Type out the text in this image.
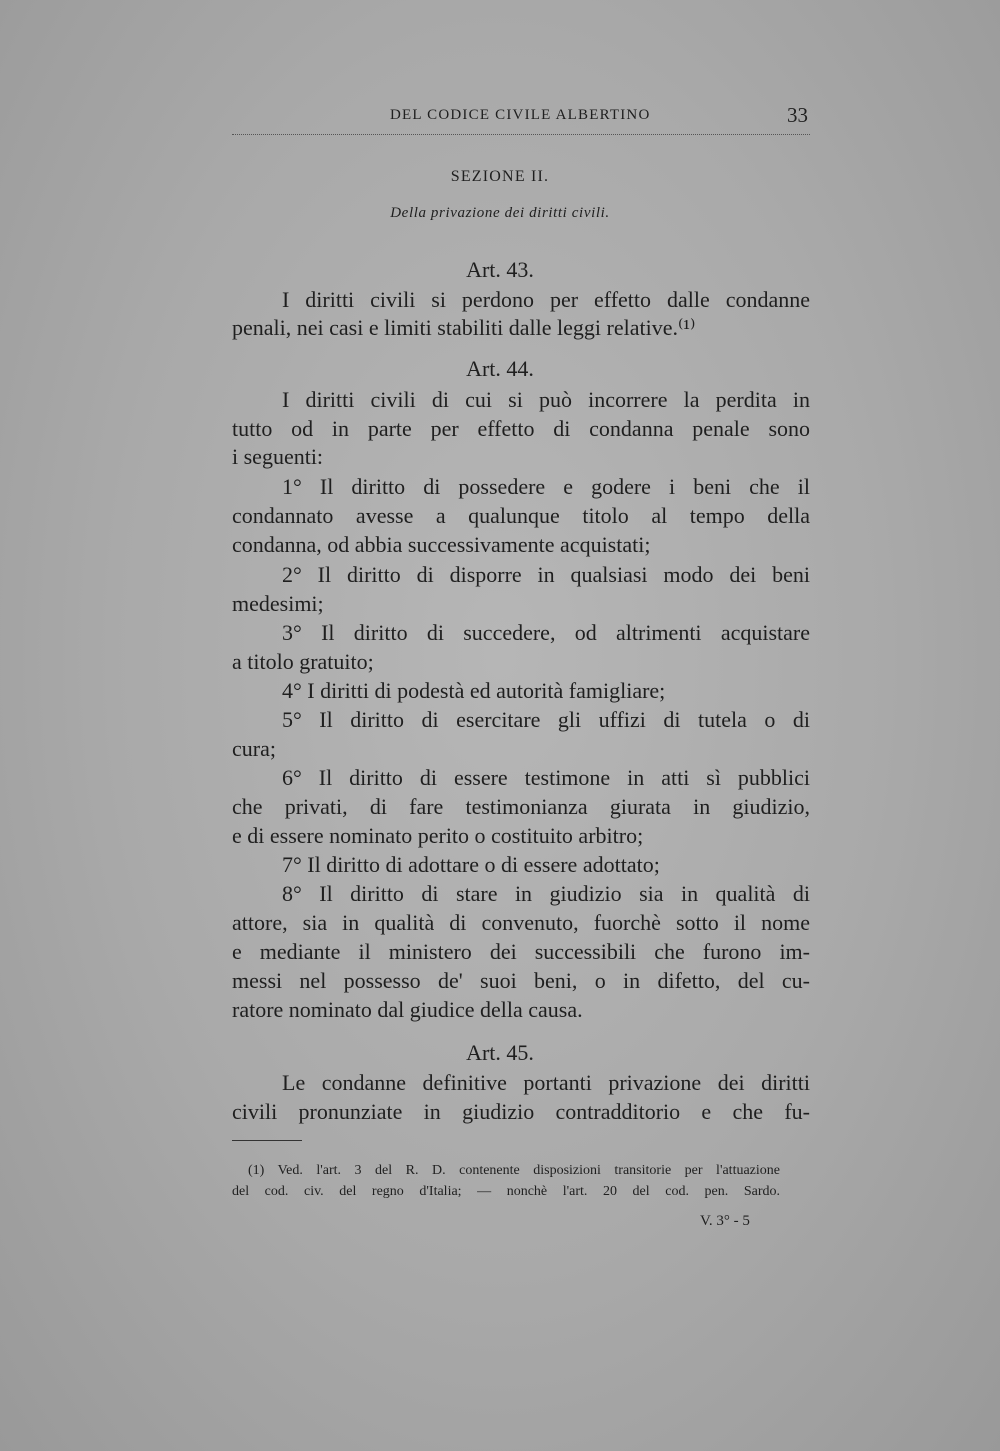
DEL CODICE CIVILE ALBERTINO	33
SEZIONE II.
Della privazione dei diritti civili.
Art. 43.
I diritti civili si perdono per effetto dalle condanne
penali, nei casi e limiti stabiliti dalle leggi relative.⁽¹⁾
Art. 44.
I diritti civili di cui si può incorrere la perdita in
tutto od in parte per effetto di condanna penale sono
i seguenti:
1° Il diritto di possedere e godere i beni che il
condannato avesse a qualunque titolo al tempo della
condanna, od abbia successivamente acquistati;
2° Il diritto di disporre in qualsiasi modo dei beni
medesimi;
3° Il diritto di succedere, od altrimenti acquistare
a titolo gratuito;
4° I diritti di podestà ed autorità famigliare;
5° Il diritto di esercitare gli uffizi di tutela o di
cura;
6° Il diritto di essere testimone in atti sì pubblici
che privati, di fare testimonianza giurata in giudizio,
e di essere nominato perito o costituito arbitro;
7° Il diritto di adottare o di essere adottato;
8° Il diritto di stare in giudizio sia in qualità di
attore, sia in qualità di convenuto, fuorchè sotto il nome
e mediante il ministero dei successibili che furono im-
messi nel possesso de' suoi beni, o in difetto, del cu-
ratore nominato dal giudice della causa.
Art. 45.
Le condanne definitive portanti privazione dei diritti
civili pronunziate in giudizio contradditorio e che fu-
(1) Ved. l'art. 3 del R. D. contenente disposizioni transitorie per l'attuazione
del cod. civ. del regno d'Italia; — nonchè l'art. 20 del cod. pen. Sardo.
V. 3° - 5
